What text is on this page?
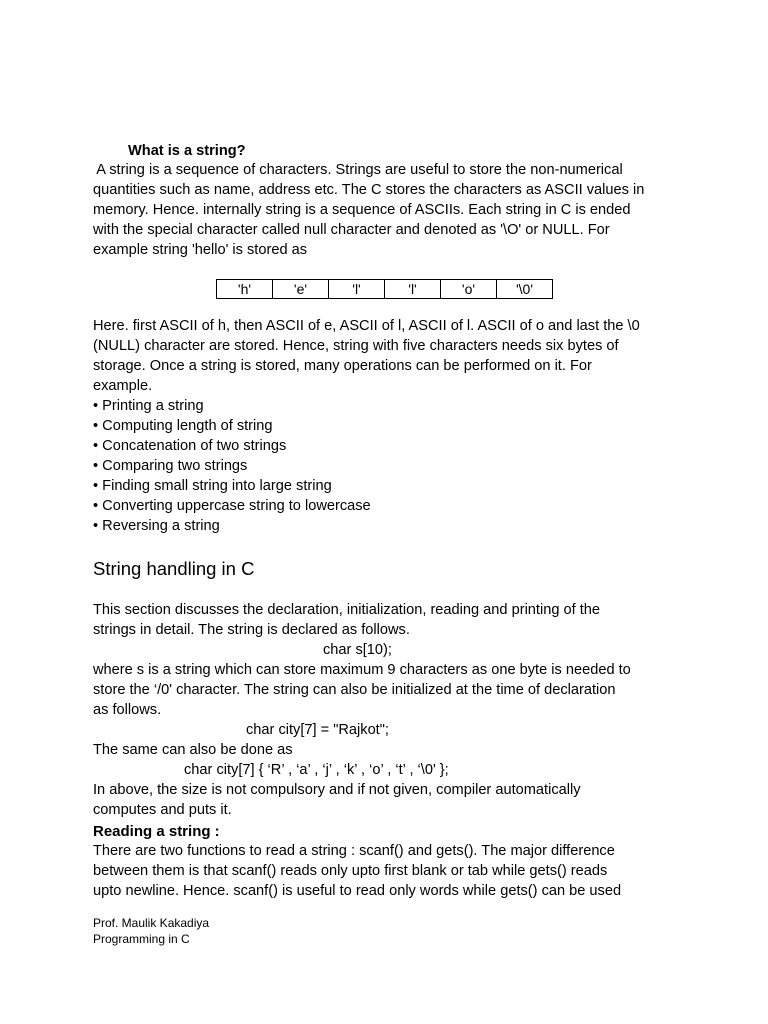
What is a string?
A string is a sequence of characters. Strings are useful to store the non-numerical
quantities such as name, address etc. The C stores the characters as ASCII values in
memory. Hence. internally string is a sequence of ASCIIs. Each string in C is ended
with the special character called null character and denoted as '\O' or NULL. For
example string 'hello' is stored as
'h'	'e'	'l'	'l'	'o'	'\0'
Here. first ASCII of h, then ASCII of e, ASCII of l, ASCII of l. ASCII of o and last the \0
(NULL) character are stored. Hence, string with five characters needs six bytes of
storage. Once a string is stored, many operations can be performed on it. For
example.
• Printing a string
• Computing length of string
• Concatenation of two strings
• Comparing two strings
• Finding small string into large string
• Converting uppercase string to lowercase
• Reversing a string
String handling in C
This section discusses the declaration, initialization, reading and printing of the
strings in detail. The string is declared as follows.
char s[10);
where s is a string which can store maximum 9 characters as one byte is needed to
store the ‘/0' character. The string can also be initialized at the time of declaration
as follows.
char city[7] = "Rajkot";
The same can also be done as
char city[7] { ‘R’ , ‘a’ , ‘j’ , ‘k’ , ‘o’ , ‘t’ , ‘\0' };
In above, the size is not compulsory and if not given, compiler automatically
computes and puts it.
Reading a string :
There are two functions to read a string : scanf() and gets(). The major difference
between them is that scanf() reads only upto first blank or tab while gets() reads
upto newline. Hence. scanf() is useful to read only words while gets() can be used
Prof. Maulik Kakadiya
Programming in C
